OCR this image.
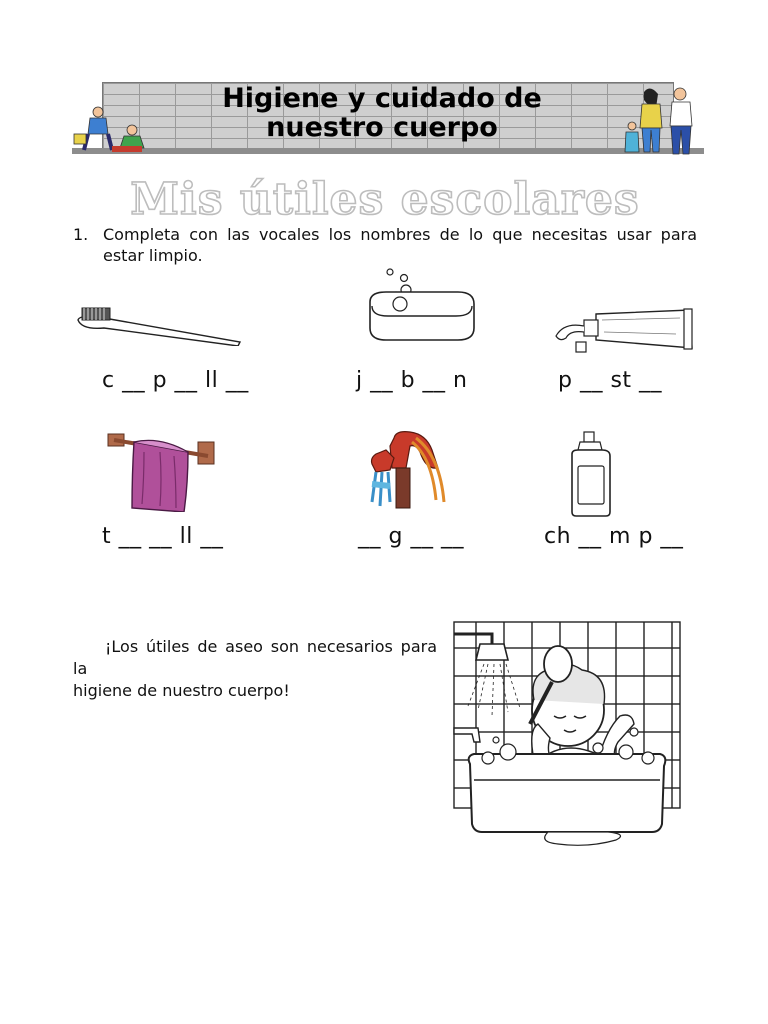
Higiene y cuidado de
nuestro cuerpo
Mis útiles escolares
1. Completa con las vocales los nombres de lo que necesitas usar para estar limpio.
c __ p __ ll __	j __ b __ n	p __ st __
t __ __ ll __	__ g __ __	ch __ m p __
¡Los útiles de aseo son necesarios para la
higiene de nuestro cuerpo!
